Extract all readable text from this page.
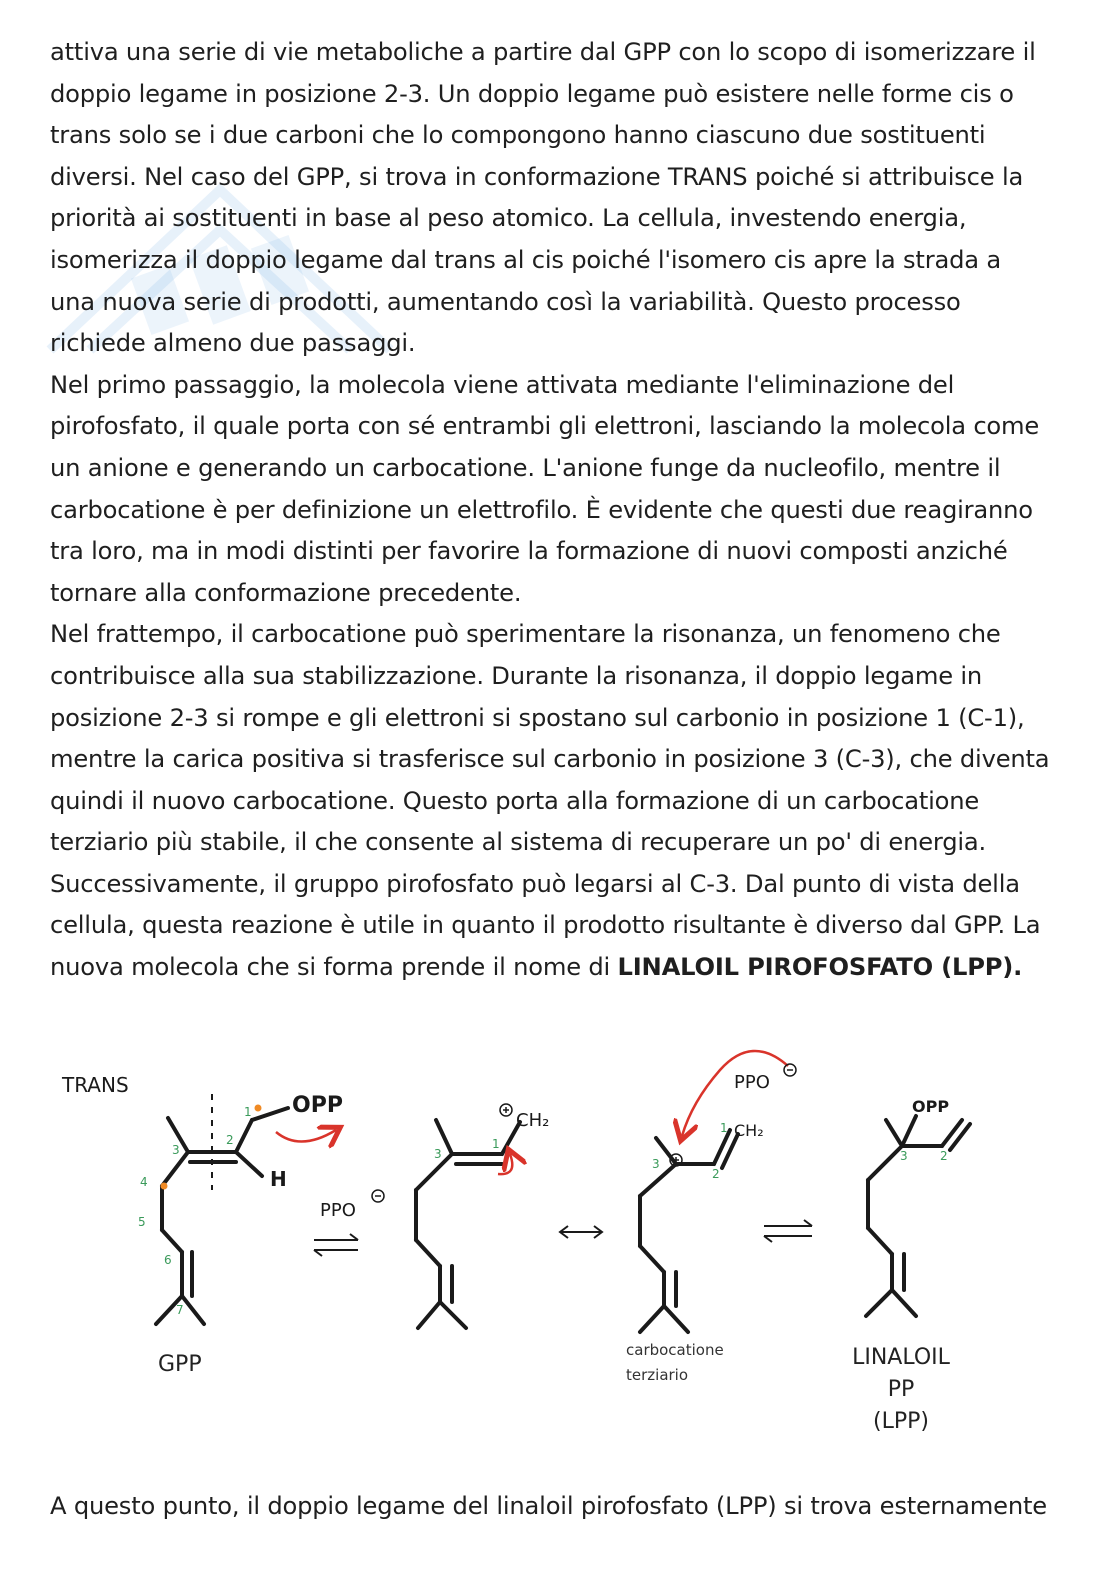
attiva una serie di vie metaboliche a partire dal GPP con lo scopo di isomerizzare il
doppio legame in posizione 2-3. Un doppio legame può esistere nelle forme cis o
trans solo se i due carboni che lo compongono hanno ciascuno due sostituenti
diversi. Nel caso del GPP, si trova in conformazione TRANS poiché si attribuisce la
priorità ai sostituenti in base al peso atomico. La cellula, investendo energia,
isomerizza il doppio legame dal trans al cis poiché l'isomero cis apre la strada a
una nuova serie di prodotti, aumentando così la variabilità. Questo processo
richiede almeno due passaggi.

Nel primo passaggio, la molecola viene attivata mediante l'eliminazione del
pirofosfato, il quale porta con sé entrambi gli elettroni, lasciando la molecola come
un anione e generando un carbocatione. L'anione funge da nucleofilo, mentre il
carbocatione è per definizione un elettrofilo. È evidente che questi due reagiranno
tra loro, ma in modi distinti per favorire la formazione di nuovi composti anziché
tornare alla conformazione precedente.

Nel frattempo, il carbocatione può sperimentare la risonanza, un fenomeno che
contribuisce alla sua stabilizzazione. Durante la risonanza, il doppio legame in
posizione 2-3 si rompe e gli elettroni si spostano sul carbonio in posizione 1 (C-1),
mentre la carica positiva si trasferisce sul carbonio in posizione 3 (C-3), che diventa
quindi il nuovo carbocatione. Questo porta alla formazione di un carbocatione
terziario più stabile, il che consente al sistema di recuperare un po' di energia.
Successivamente, il gruppo pirofosfato può legarsi al C-3. Dal punto di vista della
cellula, questa reazione è utile in quanto il prodotto risultante è diverso dal GPP. La
nuova molecola che si forma prende il nome di LINALOIL PIROFOSFATO (LPP).

1
2
3
4
5
6
7
1
3
1
2
3
3	2
TRANS
OPP
H
PPO
CH₂
PPO
CH₂
OPP
GPP
carbocatione
terziario
LINALOIL PP
(LPP)
A questo punto, il doppio legame del linaloil pirofosfato (LPP) si trova esternamente
